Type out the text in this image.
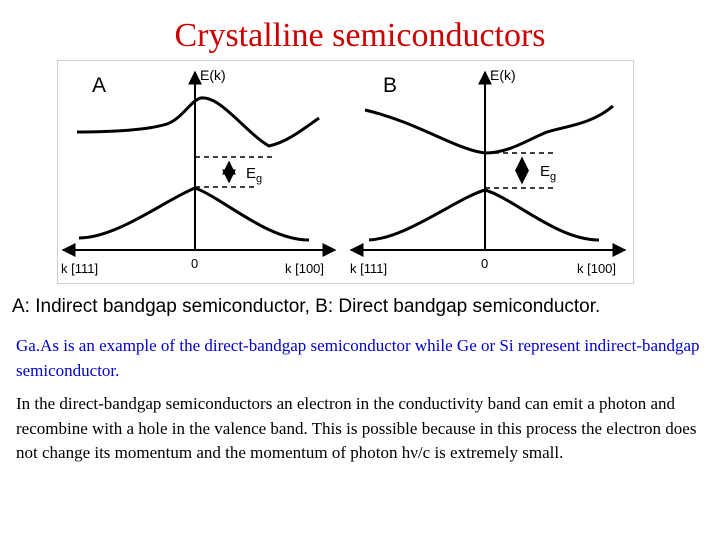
Crystalline semiconductors
A	E(k)
$E_g$
k [111]	0	k [100]
B	E(k)
$E_g$
k [111]	0	k [100]
A: Indirect bandgap semiconductor, B: Direct bandgap semiconductor.
Ga.As is an example of the direct-bandgap semiconductor while Ge or Si represent indirect-bandgap semiconductor.
In the direct-bandgap semiconductors an electron in the conductivity band can emit a photon and recombine with a hole in the valence band. This is possible because in this process the electron does not change its momentum and the momentum of photon hν/c is extremely small.
